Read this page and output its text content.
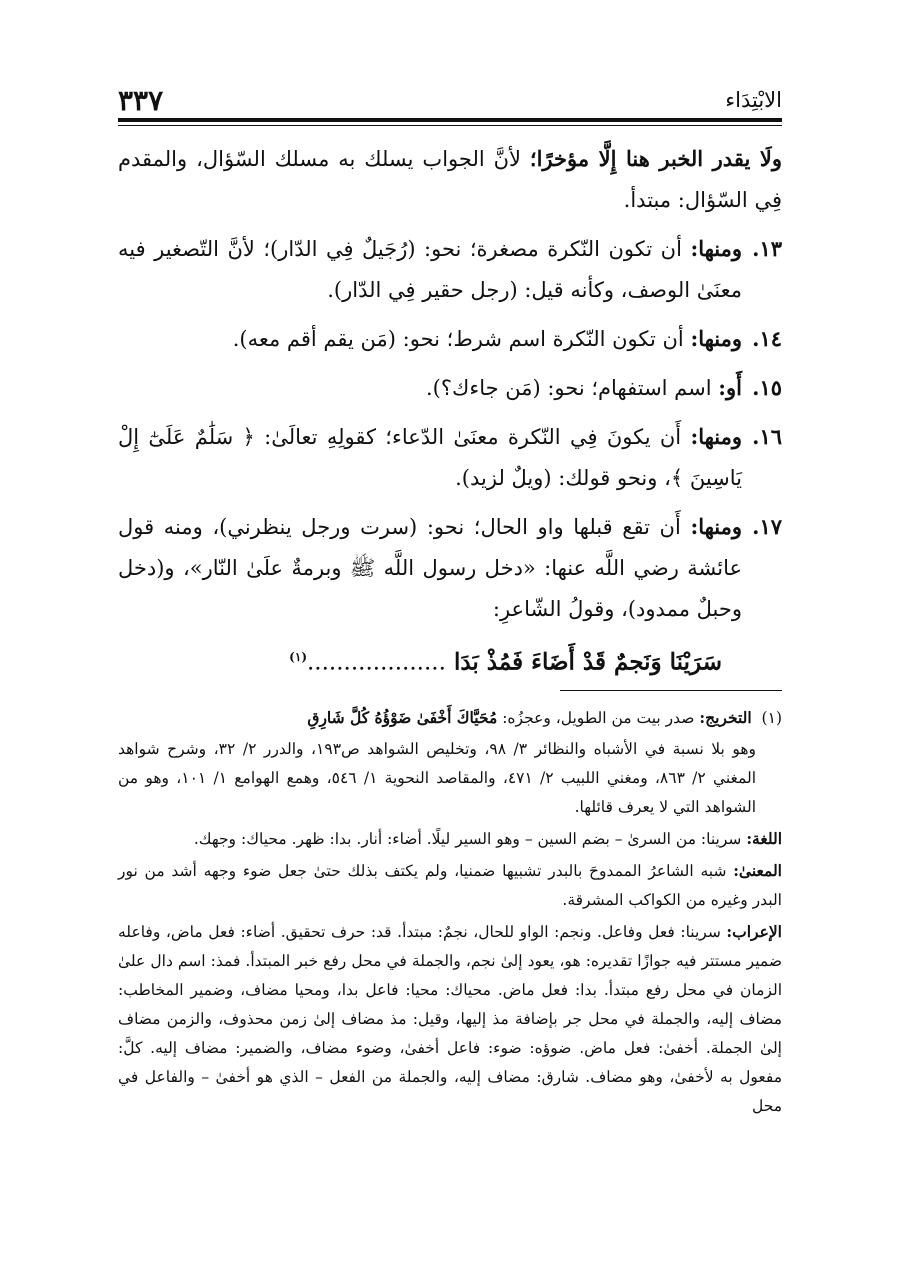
الابْتِدَاء
٣٣٧

ولَا يقدر الخبر هنا إِلَّا مؤخرًا؛ لأنَّ الجواب يسلك به مسلك السّؤال، والمقدم فِي السّؤال: مبتدأ.

١٣.
ومنها: أن تكون النّكرة مصغرة؛ نحو: (رُجَيلٌ فِي الدّار)؛ لأنَّ التّصغير فيه معنَىٰ الوصف، وكأنه قيل: (رجل حقير فِي الدّار).
١٤.
ومنها: أن تكون النّكرة اسم شرط؛ نحو: (مَن يقم أقم معه).
١٥.
أَو: اسم استفهام؛ نحو: (مَن جاءك؟).
١٦.
ومنها: أَن يكونَ فِي النّكرة معنَىٰ الدّعاء؛ كقولِهِ تعالَىٰ: ﴿ سَلَٰمٌ عَلَىٰٓ إِلْ يَاسِينَ ﴾، ونحو قولك: (ويلٌ لزيد).
١٧.
ومنها: أَن تقع قبلها واو الحال؛ نحو: (سرت ورجل ينظرني)، ومنه قول عائشة رضي اللَّه عنها: «دخل رسول اللَّه ﷺ وبرمةٌ علَىٰ النّار»، و(دخل وحبلٌ ممدود)، وقولُ الشّاعرِ:
سَرَيْنَا وَنَجمٌ قَدْ أَضَاءَ فَمُذْ بَدَا ...................$^{(١)}$

(١)  التخريج: صدر بيت من الطويل، وعجزُه: مُحَيَّاكَ أَخْفَىٰ ضَوْؤُهُ كُلَّ شَارِقِ

وهو بلا نسبة في الأشباه والنظائر ٣/ ٩٨، وتخليص الشواهد ص١٩٣، والدرر ٢/ ٣٢، وشرح شواهد المغني ٢/ ٨٦٣، ومغني اللبيب ٢/ ٤٧١، والمقاصد النحوية ١/ ٥٤٦، وهمع الهوامع ١/ ١٠١، وهو من الشواهد التي لا يعرف قائلها.

اللغة: سرينا: من السرىٰ – بضم السين – وهو السير ليلًا. أضاء: أنار. بدا: ظهر. محياك: وجهك.

المعنىٰ: شبه الشاعرُ الممدوحَ بالبدر تشبيها ضمنيا، ولم يكتف بذلك حتىٰ جعل ضوء وجهه أشد من نور البدر وغيره من الكواكب المشرقة.

الإعراب: سرينا: فعل وفاعل. ونجم: الواو للحال، نجمٌ: مبتدأ. قد: حرف تحقيق. أضاء: فعل ماض، وفاعله ضمير مستتر فيه جوازًا تقديره: هو، يعود إلىٰ نجم، والجملة في محل رفع خبر المبتدأ. فمذ: اسم دال علىٰ الزمان في محل رفع مبتدأ. بدا: فعل ماض. محياك: محيا: فاعل بدا، ومحيا مضاف، وضمير المخاطب: مضاف إليه، والجملة في محل جر بإضافة مذ إليها، وقيل: مذ مضاف إلىٰ زمن محذوف، والزمن مضاف إلىٰ الجملة. أخفىٰ: فعل ماض. ضوؤه: ضوء: فاعل أخفىٰ، وضوء مضاف، والضمير: مضاف إليه. كلَّ: مفعول به لأخفىٰ، وهو مضاف. شارق: مضاف إليه، والجملة من الفعل – الذي هو أخفىٰ – والفاعل في محل
